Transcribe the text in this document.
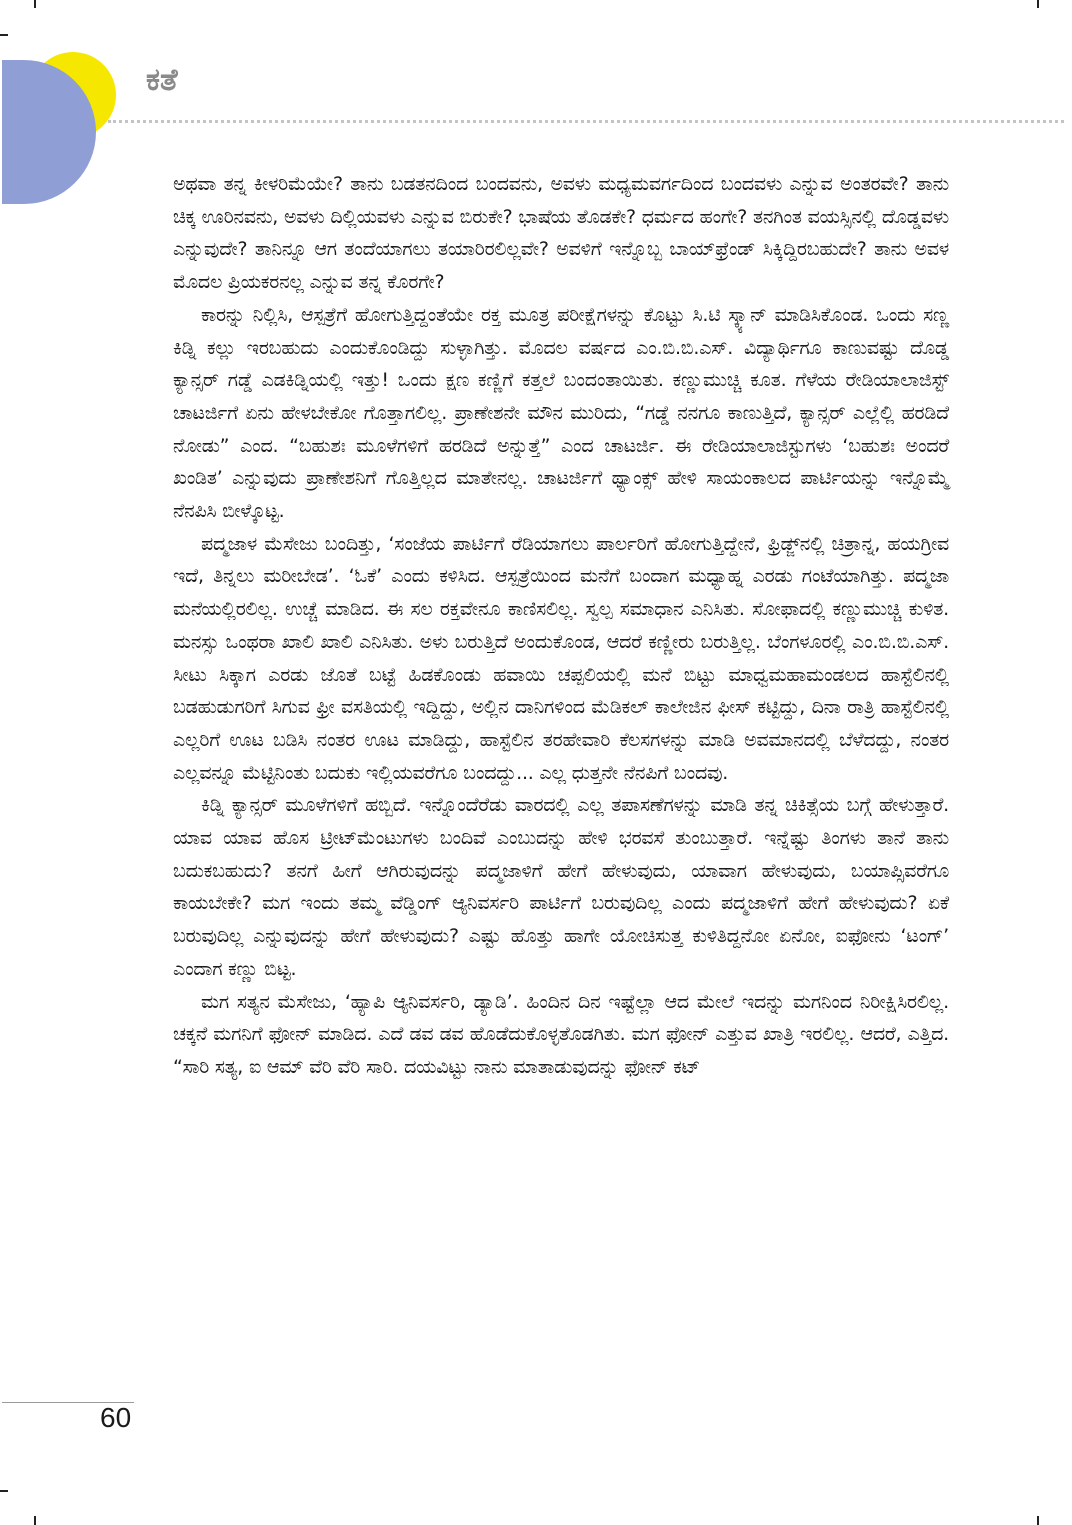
ಕತೆ

ಅಥವಾ ತನ್ನ ಕೀಳರಿಮೆಯೇ? ತಾನು ಬಡತನದಿಂದ ಬಂದವನು, ಅವಳು ಮಧ್ಯಮವರ್ಗದಿಂದ ಬಂದವಳು ಎನ್ನುವ ಅಂತರವೇ? ತಾನು ಚಿಕ್ಕ ಊರಿನವನು, ಅವಳು ದಿಲ್ಲಿಯವಳು ಎನ್ನುವ ಬಿರುಕೇ? ಭಾಷೆಯ ತೊಡಕೇ? ಧರ್ಮದ ಹಂಗೇ? ತನಗಿಂತ ವಯಸ್ಸಿನಲ್ಲಿ ದೊಡ್ಡವಳು ಎನ್ನುವುದೇ? ತಾನಿನ್ನೂ ಆಗ ತಂದೆಯಾಗಲು ತಯಾರಿರಲಿಲ್ಲವೇ? ಅವಳಿಗೆ ಇನ್ನೊಬ್ಬ ಬಾಯ್‌ಫ್ರೆಂಡ್ ಸಿಕ್ಕಿದ್ದಿರಬಹುದೇ? ತಾನು ಅವಳ ಮೊದಲ ಪ್ರಿಯಕರನಲ್ಲ ಎನ್ನುವ ತನ್ನ ಕೊರಗೇ?

ಕಾರನ್ನು ನಿಲ್ಲಿಸಿ, ಆಸ್ಪತ್ರೆಗೆ ಹೋಗುತ್ತಿದ್ದಂತೆಯೇ ರಕ್ತ ಮೂತ್ರ ಪರೀಕ್ಷೆಗಳನ್ನು ಕೊಟ್ಟು ಸಿ.ಟಿ ಸ್ಕ್ಯಾನ್ ಮಾಡಿಸಿಕೊಂಡ. ಒಂದು ಸಣ್ಣ ಕಿಡ್ನಿ ಕಲ್ಲು ಇರಬಹುದು ಎಂದುಕೊಂಡಿದ್ದು ಸುಳ್ಳಾಗಿತ್ತು. ಮೊದಲ ವರ್ಷದ ಎಂ.ಬಿ.ಬಿ.ಎಸ್. ವಿದ್ಯಾರ್ಥಿಗೂ ಕಾಣುವಷ್ಟು ದೊಡ್ಡ ಕ್ಯಾನ್ಸರ್ ಗಡ್ಡೆ ಎಡಕಿಡ್ನಿಯಲ್ಲಿ ಇತ್ತು! ಒಂದು ಕ್ಷಣ ಕಣ್ಣಿಗೆ ಕತ್ತಲೆ ಬಂದಂತಾಯಿತು. ಕಣ್ಣುಮುಚ್ಚಿ ಕೂತ. ಗೆಳೆಯ ರೇಡಿಯಾಲಾಜಿಸ್ಟ್ ಚಾಟರ್ಜಿಗೆ ಏನು ಹೇಳಬೇಕೋ ಗೊತ್ತಾಗಲಿಲ್ಲ. ಪ್ರಾಣೇಶನೇ ಮೌನ ಮುರಿದು, “ಗಡ್ಡೆ ನನಗೂ ಕಾಣುತ್ತಿದೆ, ಕ್ಯಾನ್ಸರ್ ಎಲ್ಲೆಲ್ಲಿ ಹರಡಿದೆ ನೋಡು” ಎಂದ. “ಬಹುಶಃ ಮೂಳೆಗಳಿಗೆ ಹರಡಿದೆ ಅನ್ನುತ್ತೆ” ಎಂದ ಚಾಟರ್ಜಿ. ಈ ರೇಡಿಯಾಲಾಜಿಸ್ಟುಗಳು ‘ಬಹುಶಃ ಅಂದರೆ ಖಂಡಿತ’ ಎನ್ನುವುದು ಪ್ರಾಣೇಶನಿಗೆ ಗೊತ್ತಿಲ್ಲದ ಮಾತೇನಲ್ಲ. ಚಾಟರ್ಜಿಗೆ ಥ್ಯಾಂಕ್ಸ್ ಹೇಳಿ ಸಾಯಂಕಾಲದ ಪಾರ್ಟಿಯನ್ನು ಇನ್ನೊಮ್ಮೆ ನೆನಪಿಸಿ ಬೀಳ್ಕೊಟ್ಟ.

ಪದ್ಮಜಾಳ ಮೆಸೇಜು ಬಂದಿತ್ತು, ‘ಸಂಜೆಯ ಪಾರ್ಟಿಗೆ ರೆಡಿಯಾಗಲು ಪಾರ್ಲರಿಗೆ ಹೋಗುತ್ತಿದ್ದೇನೆ, ಫ್ರಿಡ್ಜ್‌ನಲ್ಲಿ ಚಿತ್ರಾನ್ನ, ಹಯಗ್ರೀವ ಇದೆ, ತಿನ್ನಲು ಮರೀಬೇಡ’. ‘ಓಕೆ’ ಎಂದು ಕಳಿಸಿದ. ಆಸ್ಪತ್ರೆಯಿಂದ ಮನೆಗೆ ಬಂದಾಗ ಮಧ್ಯಾಹ್ನ ಎರಡು ಗಂಟೆಯಾಗಿತ್ತು. ಪದ್ಮಜಾ ಮನೆಯಲ್ಲಿರಲಿಲ್ಲ. ಉಚ್ಚೆ ಮಾಡಿದ. ಈ ಸಲ ರಕ್ತವೇನೂ ಕಾಣಿಸಲಿಲ್ಲ. ಸ್ವಲ್ಪ ಸಮಾಧಾನ ಎನಿಸಿತು. ಸೋಫಾದಲ್ಲಿ ಕಣ್ಣುಮುಚ್ಚಿ ಕುಳಿತ. ಮನಸ್ಸು ಒಂಥರಾ ಖಾಲಿ ಖಾಲಿ ಎನಿಸಿತು. ಅಳು ಬರುತ್ತಿದೆ ಅಂದುಕೊಂಡ, ಆದರೆ ಕಣ್ಣೀರು ಬರುತ್ತಿಲ್ಲ. ಬೆಂಗಳೂರಲ್ಲಿ ಎಂ.ಬಿ.ಬಿ.ಎಸ್. ಸೀಟು ಸಿಕ್ಕಾಗ ಎರಡು ಜೊತೆ ಬಟ್ಟೆ ಹಿಡಕೊಂಡು ಹವಾಯಿ ಚಪ್ಪಲಿಯಲ್ಲಿ ಮನೆ ಬಿಟ್ಟು ಮಾಧ್ವಮಹಾಮಂಡಲದ ಹಾಸ್ಟೆಲಿನಲ್ಲಿ ಬಡಹುಡುಗರಿಗೆ ಸಿಗುವ ಫ್ರೀ ವಸತಿಯಲ್ಲಿ ಇದ್ದಿದ್ದು, ಅಲ್ಲಿನ ದಾನಿಗಳಿಂದ ಮೆಡಿಕಲ್ ಕಾಲೇಜಿನ ಫೀಸ್ ಕಟ್ಟಿದ್ದು, ದಿನಾ ರಾತ್ರಿ ಹಾಸ್ಟೆಲಿನಲ್ಲಿ ಎಲ್ಲರಿಗೆ ಊಟ ಬಡಿಸಿ ನಂತರ ಊಟ ಮಾಡಿದ್ದು, ಹಾಸ್ಟೆಲಿನ ತರಹೇವಾರಿ ಕೆಲಸಗಳನ್ನು ಮಾಡಿ ಅವಮಾನದಲ್ಲಿ ಬೆಳೆದದ್ದು, ನಂತರ ಎಲ್ಲವನ್ನೂ ಮೆಟ್ಟಿನಿಂತು ಬದುಕು ಇಲ್ಲಿಯವರೆಗೂ ಬಂದದ್ದು... ಎಲ್ಲ ಧುತ್ತನೇ ನೆನಪಿಗೆ ಬಂದವು.

ಕಿಡ್ನಿ ಕ್ಯಾನ್ಸರ್ ಮೂಳೆಗಳಿಗೆ ಹಬ್ಬಿದೆ. ಇನ್ನೊಂದೆರೆಡು ವಾರದಲ್ಲಿ ಎಲ್ಲ ತಪಾಸಣೆಗಳನ್ನು ಮಾಡಿ ತನ್ನ ಚಿಕಿತ್ಸೆಯ ಬಗ್ಗೆ ಹೇಳುತ್ತಾರೆ. ಯಾವ ಯಾವ ಹೊಸ ಟ್ರೀಟ್‌ಮೆಂಟುಗಳು ಬಂದಿವೆ ಎಂಬುದನ್ನು ಹೇಳಿ ಭರವಸೆ ತುಂಬುತ್ತಾರೆ. ಇನ್ನೆಷ್ಟು ತಿಂಗಳು ತಾನೆ ತಾನು ಬದುಕಬಹುದು? ತನಗೆ ಹೀಗೆ ಆಗಿರುವುದನ್ನು ಪದ್ಮಜಾಳಿಗೆ ಹೇಗೆ ಹೇಳುವುದು, ಯಾವಾಗ ಹೇಳುವುದು, ಬಯಾಪ್ಸಿವರೆಗೂ ಕಾಯಬೇಕೇ? ಮಗ ಇಂದು ತಮ್ಮ ವೆಡ್ಡಿಂಗ್ ಆ್ಯನಿವರ್ಸರಿ ಪಾರ್ಟಿಗೆ ಬರುವುದಿಲ್ಲ ಎಂದು ಪದ್ಮಜಾಳಿಗೆ ಹೇಗೆ ಹೇಳುವುದು? ಏಕೆ ಬರುವುದಿಲ್ಲ ಎನ್ನುವುದನ್ನು ಹೇಗೆ ಹೇಳುವುದು? ಎಷ್ಟು ಹೊತ್ತು ಹಾಗೇ ಯೋಚಿಸುತ್ತ ಕುಳಿತಿದ್ದನೋ ಏನೋ, ಐಫೋನು ‘ಟಂಗ್’ ಎಂದಾಗ ಕಣ್ಣು ಬಿಟ್ಟ.

ಮಗ ಸತ್ಯನ ಮೆಸೇಜು, ‘ಹ್ಯಾಪಿ ಆ್ಯನಿವರ್ಸರಿ, ಡ್ಯಾಡಿ’. ಹಿಂದಿನ ದಿನ ಇಷ್ಟೆಲ್ಲಾ ಆದ ಮೇಲೆ ಇದನ್ನು ಮಗನಿಂದ ನಿರೀಕ್ಷಿಸಿರಲಿಲ್ಲ. ಚಕ್ಕನೆ ಮಗನಿಗೆ ಫೋನ್ ಮಾಡಿದ. ಎದೆ ಡವ ಡವ ಹೊಡೆದುಕೊಳ್ಳತೊಡಗಿತು. ಮಗ ಫೋನ್ ಎತ್ತುವ ಖಾತ್ರಿ ಇರಲಿಲ್ಲ. ಆದರೆ, ಎತ್ತಿದ. “ಸಾರಿ ಸತ್ಯ, ಐ ಆಮ್ ವೆರಿ ವೆರಿ ಸಾರಿ. ದಯವಿಟ್ಟು ನಾನು ಮಾತಾಡುವುದನ್ನು ಫೋನ್ ಕಟ್

60
